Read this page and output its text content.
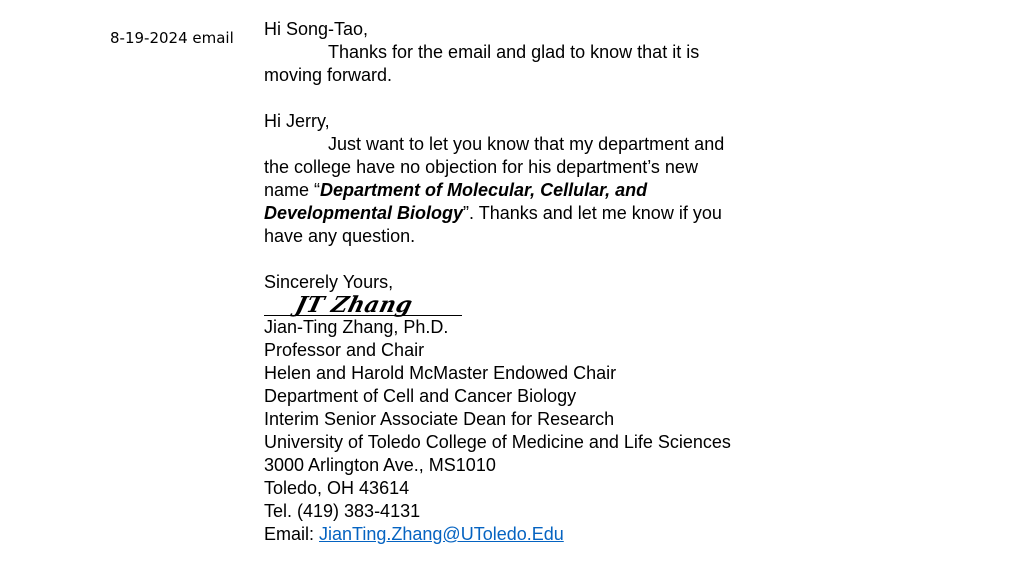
8-19-2024 email Hi Song-Tao,

Thanks for the email and glad to know that it is

moving forward.

Hi Jerry,

Just want to let you know that my department and

the college have no objection for his department’s new

name “Department of Molecular, Cellular, and

Developmental Biology”. Thanks and let me know if you

have any question.

Sincerely Yours,

JT Zhang

Jian-Ting Zhang, Ph.D.

Professor and Chair

Helen and Harold McMaster Endowed Chair

Department of Cell and Cancer Biology

Interim Senior Associate Dean for Research

University of Toledo College of Medicine and Life Sciences

3000 Arlington Ave., MS1010

Toledo, OH 43614

Tel. (419) 383-4131

Email: JianTing.Zhang@UToledo.Edu
